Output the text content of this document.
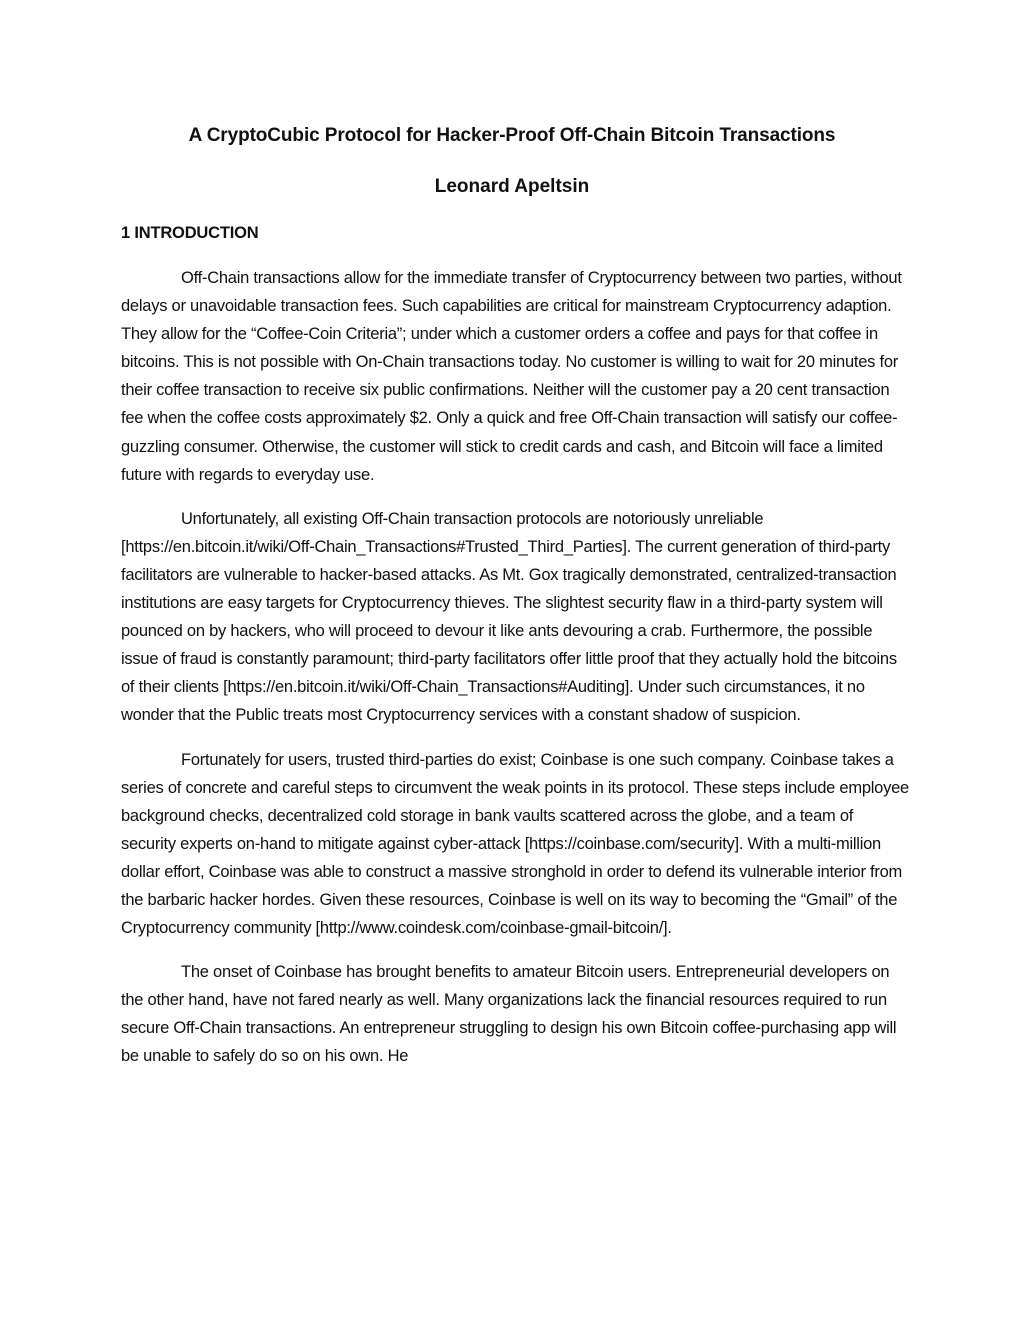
A CryptoCubic Protocol for Hacker-Proof Off-Chain Bitcoin Transactions
Leonard Apeltsin
1 INTRODUCTION

Off-Chain transactions allow for the immediate transfer of Cryptocurrency between two parties, without delays or unavoidable transaction fees. Such capabilities are critical for mainstream Cryptocurrency adaption. They allow for the “Coffee-Coin Criteria”; under which a customer orders a coffee and pays for that coffee in bitcoins. This is not possible with On-Chain transactions today. No customer is willing to wait for 20 minutes for their coffee transaction to receive six public confirmations. Neither will the customer pay a 20 cent transaction fee when the coffee costs approximately $2. Only a quick and free Off-Chain transaction will satisfy our coffee-guzzling consumer. Otherwise, the customer will stick to credit cards and cash, and Bitcoin will face a limited future with regards to everyday use.

Unfortunately, all existing Off-Chain transaction protocols are notoriously unreliable [https://en.bitcoin.it/wiki/Off-Chain_Transactions#Trusted_Third_Parties]. The current generation of third-party facilitators are vulnerable to hacker-based attacks. As Mt. Gox tragically demonstrated, centralized-transaction institutions are easy targets for Cryptocurrency thieves. The slightest security flaw in a third-party system will pounced on by hackers, who will proceed to devour it like ants devouring a crab. Furthermore, the possible issue of fraud is constantly paramount; third-party facilitators offer little proof that they actually hold the bitcoins of their clients [https://en.bitcoin.it/wiki/Off-Chain_Transactions#Auditing]. Under such circumstances, it no wonder that the Public treats most Cryptocurrency services with a constant shadow of suspicion.

Fortunately for users, trusted third-parties do exist; Coinbase is one such company. Coinbase takes a series of concrete and careful steps to circumvent the weak points in its protocol. These steps include employee background checks, decentralized cold storage in bank vaults scattered across the globe, and a team of security experts on-hand to mitigate against cyber-attack [https://coinbase.com/security]. With a multi-million dollar effort, Coinbase was able to construct a massive stronghold in order to defend its vulnerable interior from the barbaric hacker hordes. Given these resources, Coinbase is well on its way to becoming the “Gmail” of the Cryptocurrency community [http://www.coindesk.com/coinbase-gmail-bitcoin/].

The onset of Coinbase has brought benefits to amateur Bitcoin users. Entrepreneurial developers on the other hand, have not fared nearly as well. Many organizations lack the financial resources required to run secure Off-Chain transactions. An entrepreneur struggling to design his own Bitcoin coffee-purchasing app will be unable to safely do so on his own. He
